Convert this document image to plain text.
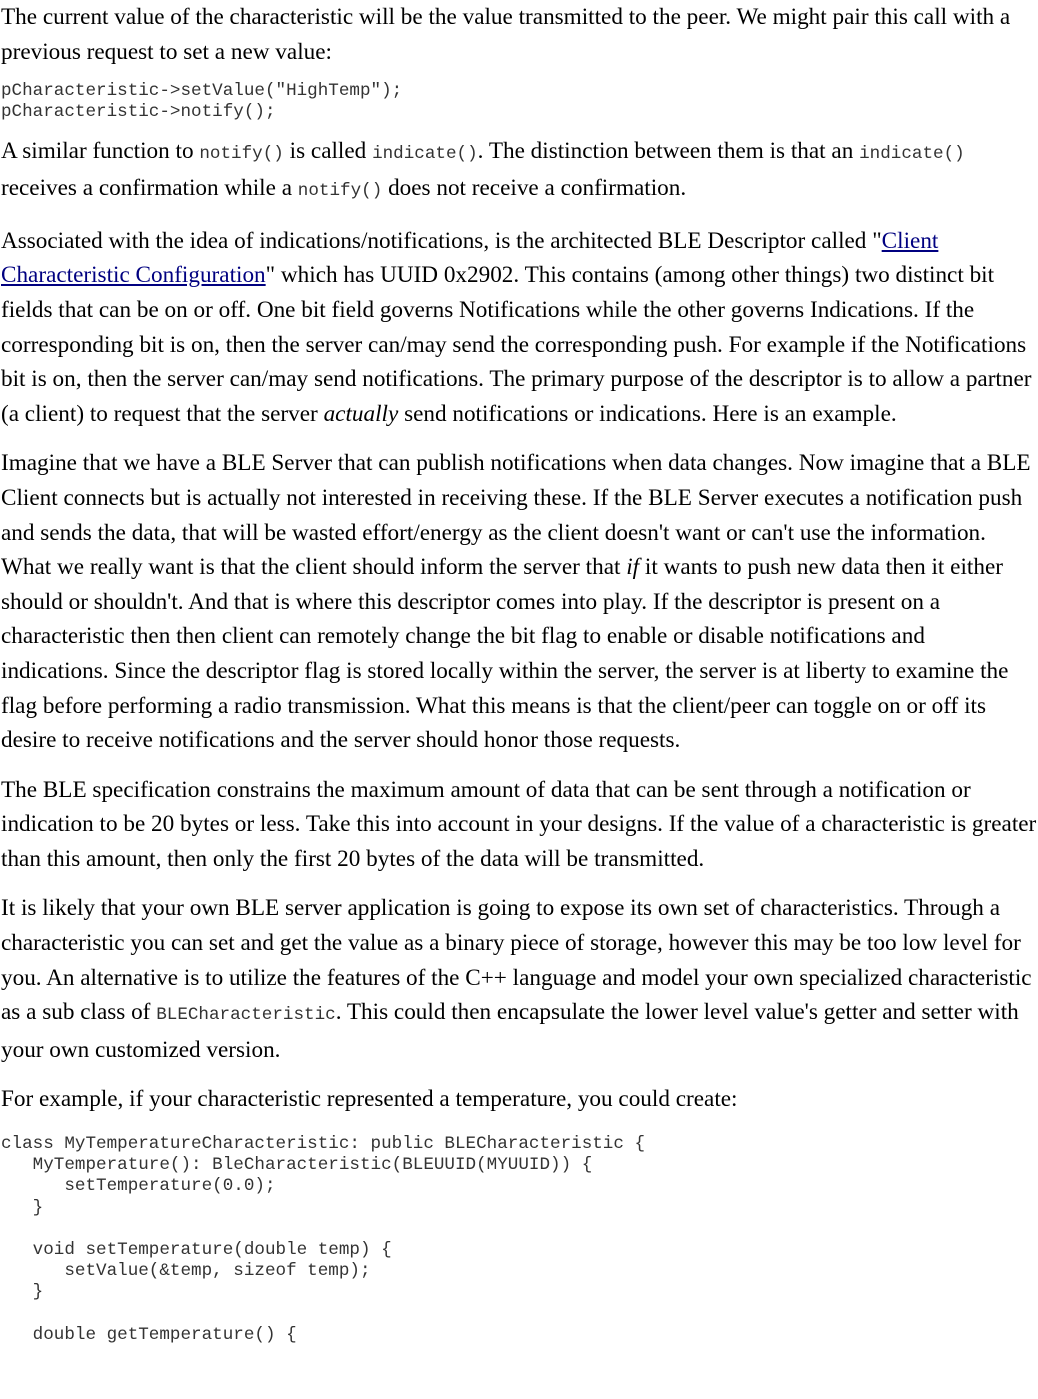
The current value of the characteristic will be the value transmitted to the peer. We might pair this call with a previous request to set a new value:

pCharacteristic->setValue("HighTemp");
pCharacteristic->notify();

A similar function to notify() is called indicate(). The distinction between them is that an indicate() receives a confirmation while a notify() does not receive a confirmation.

Associated with the idea of indications/notifications, is the architected BLE Descriptor called "Client Characteristic Configuration" which has UUID 0x2902. This contains (among other things) two distinct bit fields that can be on or off. One bit field governs Notifications while the other governs Indications. If the corresponding bit is on, then the server can/may send the corresponding push. For example if the Notifications bit is on, then the server can/may send notifications. The primary purpose of the descriptor is to allow a partner (a client) to request that the server actually send notifications or indications. Here is an example.

Imagine that we have a BLE Server that can publish notifications when data changes. Now imagine that a BLE Client connects but is actually not interested in receiving these. If the BLE Server executes a notification push and sends the data, that will be wasted effort/energy as the client doesn't want or can't use the information. What we really want is that the client should inform the server that if it wants to push new data then it either should or shouldn't. And that is where this descriptor comes into play. If the descriptor is present on a characteristic then then client can remotely change the bit flag to enable or disable notifications and indications. Since the descriptor flag is stored locally within the server, the server is at liberty to examine the flag before performing a radio transmission. What this means is that the client/peer can toggle on or off its desire to receive notifications and the server should honor those requests.

The BLE specification constrains the maximum amount of data that can be sent through a notification or indication to be 20 bytes or less. Take this into account in your designs. If the value of a characteristic is greater than this amount, then only the first 20 bytes of the data will be transmitted.

It is likely that your own BLE server application is going to expose its own set of characteristics. Through a characteristic you can set and get the value as a binary piece of storage, however this may be too low level for you. An alternative is to utilize the features of the C++ language and model your own specialized characteristic as a sub class of BLECharacteristic. This could then encapsulate the lower level value's getter and setter with your own customized version.

For example, if your characteristic represented a temperature, you could create:

class MyTemperatureCharacteristic: public BLECharacteristic {
MyTemperature(): BleCharacteristic(BLEUUID(MYUUID)) {
setTemperature(0.0);
}

void setTemperature(double temp) {
setValue(&temp, sizeof temp);
}

double getTemperature() {
